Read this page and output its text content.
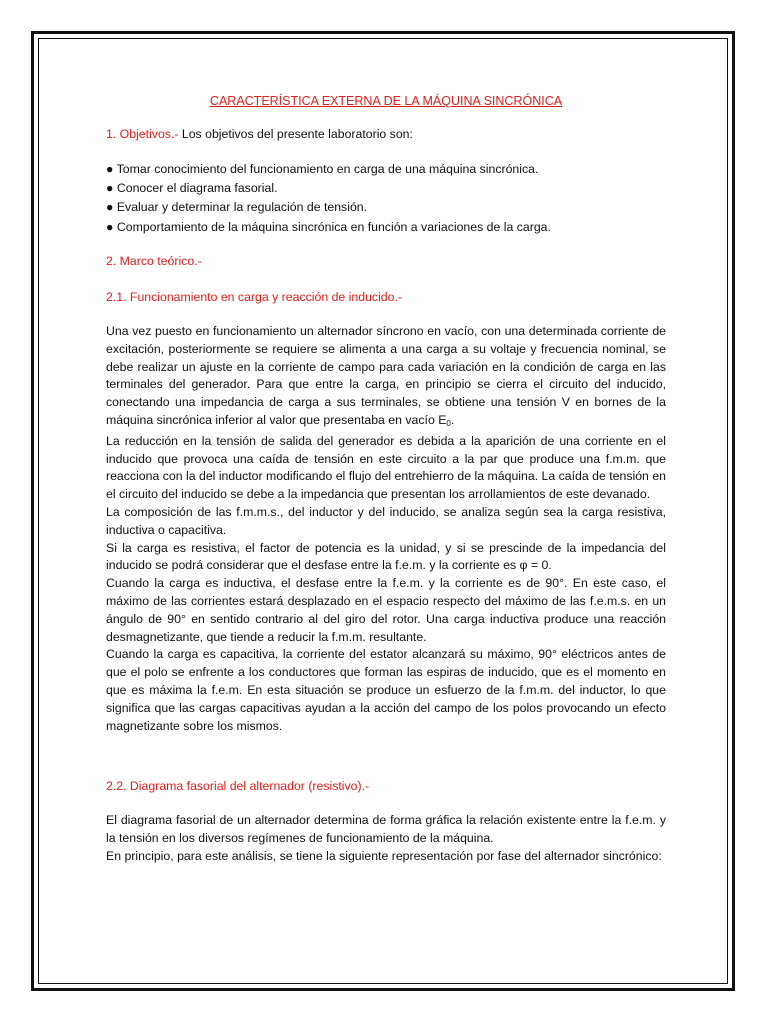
CARACTERÍSTICA EXTERNA DE LA MÁQUINA SINCRÓNICA
1. Objetivos.- Los objetivos del presente laboratorio son:
● Tomar conocimiento del funcionamiento en carga de una máquina sincrónica.
● Conocer el diagrama fasorial.
● Evaluar y determinar la regulación de tensión.
● Comportamiento de la máquina sincrónica en función a variaciones de la carga.
2. Marco teórico.-
2.1. Funcionamiento en carga y reacción de inducido.-
Una vez puesto en funcionamiento un alternador síncrono en vacío, con una determinada corriente de excitación, posteriormente se requiere se alimenta a una carga a su voltaje y frecuencia nominal, se debe realizar un ajuste en la corriente de campo para cada variación en la condición de carga en las terminales del generador. Para que entre la carga, en principio se cierra el circuito del inducido, conectando una impedancia de carga a sus terminales, se obtiene una tensión V en bornes de la máquina sincrónica inferior al valor que presentaba en vacío $E_0$.
La reducción en la tensión de salida del generador es debida a la aparición de una corriente en el inducido que provoca una caída de tensión en este circuito a la par que produce una f.m.m. que reacciona con la del inductor modificando el flujo del entrehierro de la máquina. La caída de tensión en el circuito del inducido se debe a la impedancia que presentan los arrollamientos de este devanado.
La composición de las f.m.m.s., del inductor y del inducido, se analiza según sea la carga resistiva, inductiva o capacitiva.
Si la carga es resistiva, el factor de potencia es la unidad, y si se prescinde de la impedancia del inducido se podrá considerar que el desfase entre la f.e.m. y la corriente es φ = 0.
Cuando la carga es inductiva, el desfase entre la f.e.m. y la corriente es de 90°. En este caso, el máximo de las corrientes estará desplazado en el espacio respecto del máximo de las f.e.m.s. en un ángulo de 90° en sentido contrario al del giro del rotor. Una carga inductiva produce una reacción desmagnetizante, que tiende a reducir la f.m.m. resultante.
Cuando la carga es capacitiva, la corriente del estator alcanzará su máximo, 90° eléctricos antes de que el polo se enfrente a los conductores que forman las espiras de inducido, que es el momento en que es máxima la f.e.m. En esta situación se produce un esfuerzo de la f.m.m. del inductor, lo que significa que las cargas capacitivas ayudan a la acción del campo de los polos provocando un efecto magnetizante sobre los mismos.
2.2. Diagrama fasorial del alternador (resistivo).-
El diagrama fasorial de un alternador determina de forma gráfica la relación existente entre la f.e.m. y la tensión en los diversos regímenes de funcionamiento de la máquina.
En principio, para este análisis, se tiene la siguiente representación por fase del alternador sincrónico:
